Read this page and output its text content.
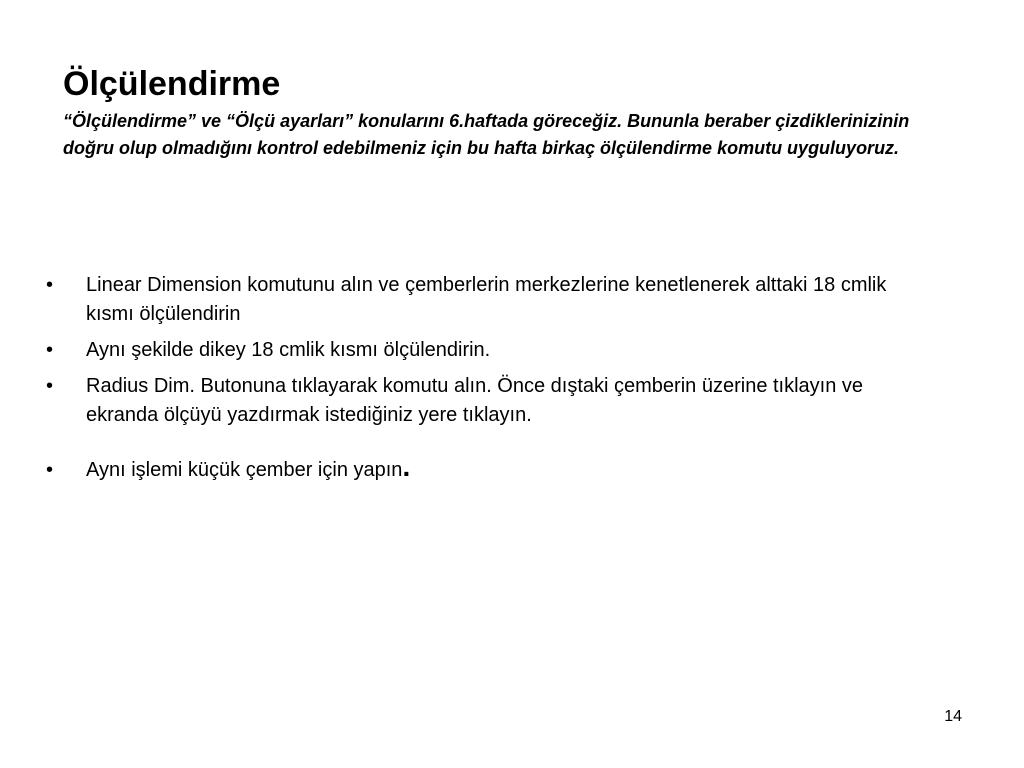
Ölçülendirme

“Ölçülendirme” ve “Ölçü ayarları” konularını 6.haftada göreceğiz. Bununla beraber çizdiklerinizinin doğru olup olmadığını kontrol edebilmeniz için bu hafta birkaç ölçülendirme komutu uyguluyoruz.

• Linear Dimension komutunu alın ve çemberlerin merkezlerine kenetlenerek alttaki 18 cmlik kısmı ölçülendirin
• Aynı şekilde dikey 18 cmlik kısmı ölçülendirin.
• Radius Dim. Butonuna tıklayarak komutu alın. Önce dıştaki çemberin üzerine tıklayın ve ekranda ölçüyü yazdırmak istediğiniz yere tıklayın.
• Aynı işlemi küçük çember için yapın.
14
